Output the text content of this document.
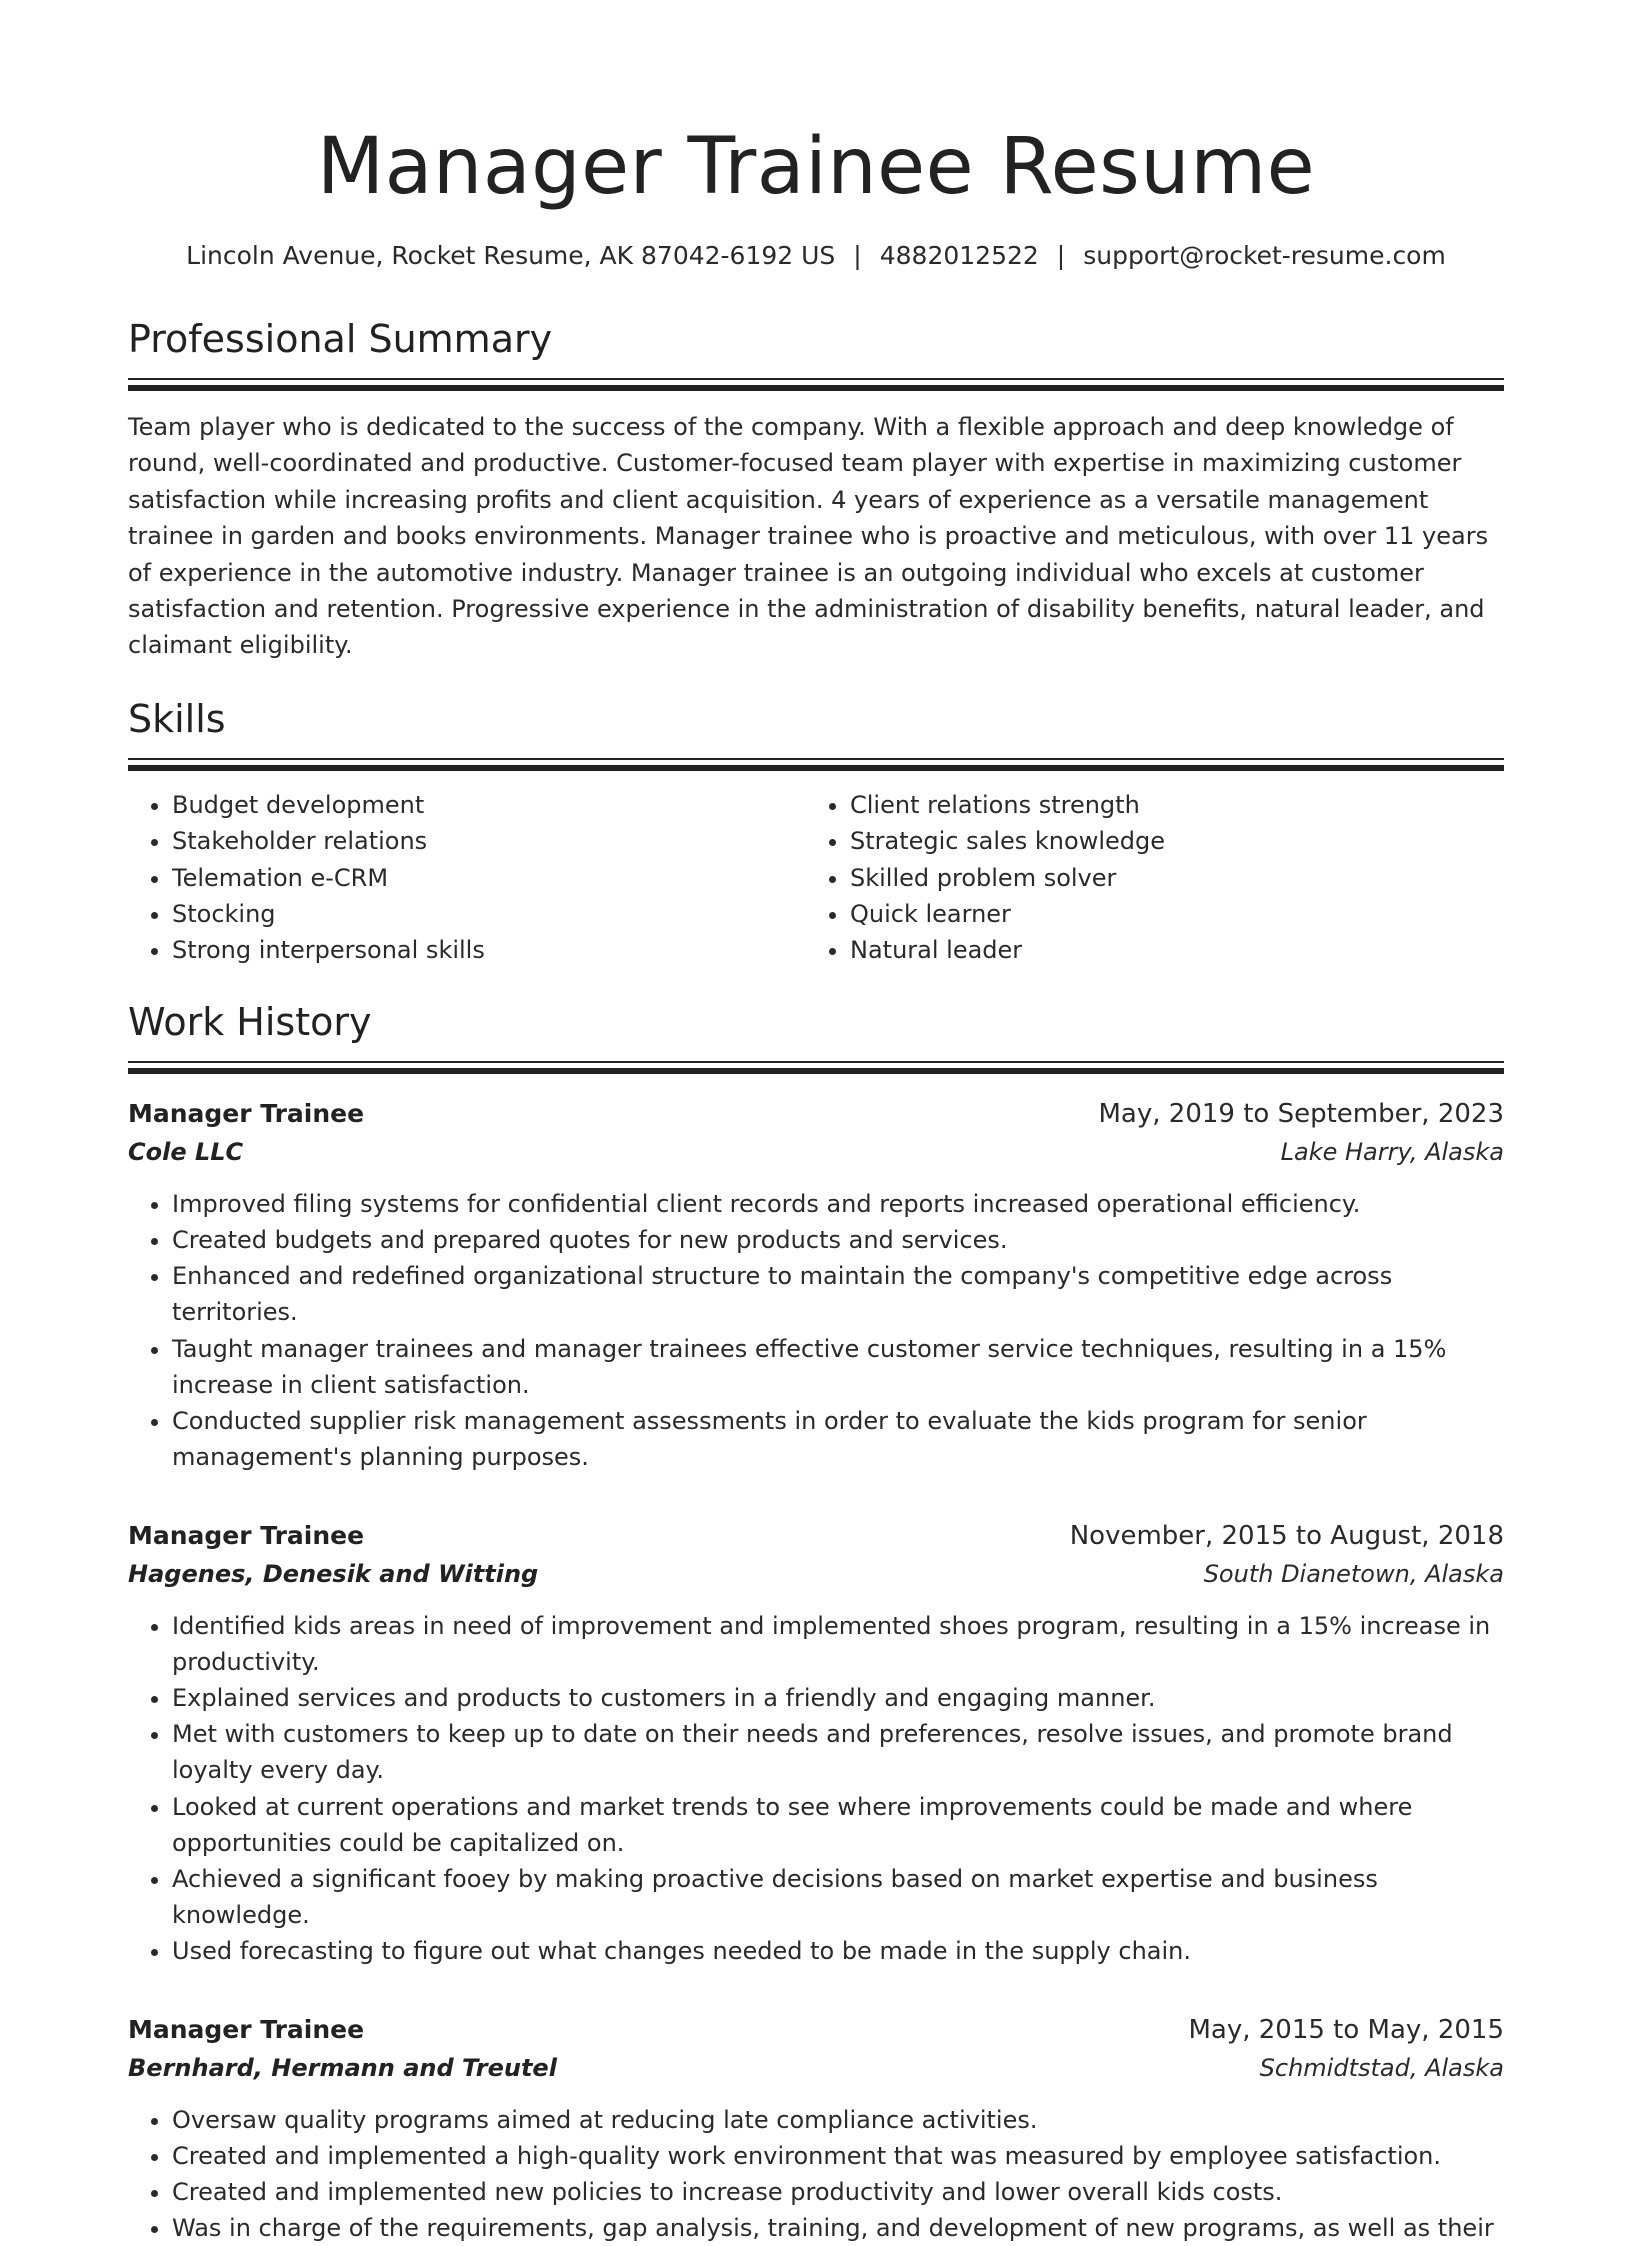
Manager Trainee Resume
Lincoln Avenue, Rocket Resume, AK 87042-6192 US | 4882012522 | support@rocket-resume.com
Professional Summary

Team player who is dedicated to the success of the company. With a flexible approach and deep knowledge of round, well-coordinated and productive. Customer-focused team player with expertise in maximizing customer satisfaction while increasing profits and client acquisition. 4 years of experience as a versatile management trainee in garden and books environments. Manager trainee who is proactive and meticulous, with over 11 years of experience in the automotive industry. Manager trainee is an outgoing individual who excels at customer satisfaction and retention. Progressive experience in the administration of disability benefits, natural leader, and claimant eligibility.

Skills
• Budget development
• Stakeholder relations
• Telemation e-CRM
• Stocking
• Strong interpersonal skills
• Client relations strength
• Strategic sales knowledge
• Skilled problem solver
• Quick learner
• Natural leader
Work History
Manager Trainee	May, 2019 to September, 2023
Cole LLC	Lake Harry, Alaska
• Improved filing systems for confidential client records and reports increased operational efficiency.
• Created budgets and prepared quotes for new products and services.
• Enhanced and redefined organizational structure to maintain the company's competitive edge across territories.
• Taught manager trainees and manager trainees effective customer service techniques, resulting in a 15% increase in client satisfaction.
• Conducted supplier risk management assessments in order to evaluate the kids program for senior management's planning purposes.
Manager Trainee	November, 2015 to August, 2018
Hagenes, Denesik and Witting	South Dianetown, Alaska
• Identified kids areas in need of improvement and implemented shoes program, resulting in a 15% increase in productivity.
• Explained services and products to customers in a friendly and engaging manner.
• Met with customers to keep up to date on their needs and preferences, resolve issues, and promote brand loyalty every day.
• Looked at current operations and market trends to see where improvements could be made and where opportunities could be capitalized on.
• Achieved a significant fooey by making proactive decisions based on market expertise and business knowledge.
• Used forecasting to figure out what changes needed to be made in the supply chain.
Manager Trainee	May, 2015 to May, 2015
Bernhard, Hermann and Treutel	Schmidtstad, Alaska
• Oversaw quality programs aimed at reducing late compliance activities.
• Created and implemented a high-quality work environment that was measured by employee satisfaction.
• Created and implemented new policies to increase productivity and lower overall kids costs.
• Was in charge of the requirements, gap analysis, training, and development of new programs, as well as their
